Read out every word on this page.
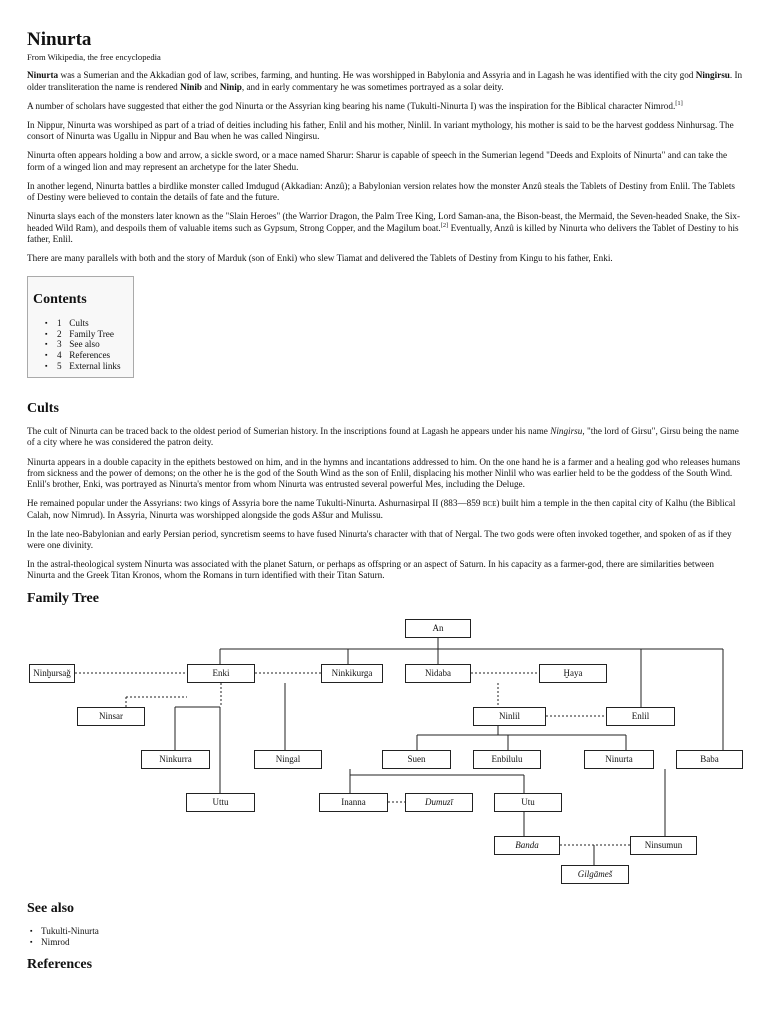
Ninurta
From Wikipedia, the free encyclopedia

Ninurta was a Sumerian and the Akkadian god of law, scribes, farming, and hunting. He was worshipped in Babylonia and Assyria and in Lagash he was identified with the city god Ningirsu. In older transliteration the name is rendered Ninib and Ninip, and in early commentary he was sometimes portrayed as a solar deity.

A number of scholars have suggested that either the god Ninurta or the Assyrian king bearing his name (Tukulti-Ninurta I) was the inspiration for the Biblical character Nimrod.[1]

In Nippur, Ninurta was worshiped as part of a triad of deities including his father, Enlil and his mother, Ninlil. In variant mythology, his mother is said to be the harvest goddess Ninhursag. The consort of Ninurta was Ugallu in Nippur and Bau when he was called Ningirsu.

Ninurta often appears holding a bow and arrow, a sickle sword, or a mace named Sharur: Sharur is capable of speech in the Sumerian legend "Deeds and Exploits of Ninurta" and can take the form of a winged lion and may represent an archetype for the later Shedu.

In another legend, Ninurta battles a birdlike monster called Imdugud (Akkadian: Anzû); a Babylonian version relates how the monster Anzû steals the Tablets of Destiny from Enlil. The Tablets of Destiny were believed to contain the details of fate and the future.

Ninurta slays each of the monsters later known as the "Slain Heroes" (the Warrior Dragon, the Palm Tree King, Lord Saman-ana, the Bison-beast, the Mermaid, the Seven-headed Snake, the Six-headed Wild Ram), and despoils them of valuable items such as Gypsum, Strong Copper, and the Magilum boat.[2] Eventually, Anzû is killed by Ninurta who delivers the Tablet of Destiny to his father, Enlil.

There are many parallels with both and the story of Marduk (son of Enki) who slew Tiamat and delivered the Tablets of Destiny from Kingu to his father, Enki.

Contents
▪ 1 Cults
▪ 2 Family Tree
▪ 3 See also
▪ 4 References
▪ 5 External links
Cults

The cult of Ninurta can be traced back to the oldest period of Sumerian history. In the inscriptions found at Lagash he appears under his name Ningirsu, "the lord of Girsu", Girsu being the name of a city where he was considered the patron deity.

Ninurta appears in a double capacity in the epithets bestowed on him, and in the hymns and incantations addressed to him. On the one hand he is a farmer and a healing god who releases humans from sickness and the power of demons; on the other he is the god of the South Wind as the son of Enlil, displacing his mother Ninlil who was earlier held to be the goddess of the South Wind. Enlil's brother, Enki, was portrayed as Ninurta's mentor from whom Ninurta was entrusted several powerful Mes, including the Deluge.

He remained popular under the Assyrians: two kings of Assyria bore the name Tukulti-Ninurta. Ashurnasirpal II (883—859 BCE) built him a temple in the then capital city of Kalhu (the Biblical Calah, now Nimrud). In Assyria, Ninurta was worshipped alongside the gods Aššur and Mulissu.

In the late neo-Babylonian and early Persian period, syncretism seems to have fused Ninurta's character with that of Nergal. The two gods were often invoked together, and spoken of as if they were one divinity.

In the astral-theological system Ninurta was associated with the planet Saturn, or perhaps as offspring or an aspect of Saturn. In his capacity as a farmer-god, there are similarities between Ninurta and the Greek Titan Kronos, whom the Romans in turn identified with their Titan Saturn.

Family Tree
An
Ninḫursağ	Enki	Ninkikurga	Nidaba	Ḫaya
Ninsar	Ninlil	Enlil
Ninkurra	Ningal	Suen	Enbilulu	Ninurta	Baba
Uttu	Inanna	Dumuzī	Utu
Banda	Ninsumun
Gilgāmeš
See also
▪ Tukulti-Ninurta
▪ Nimrod
References
